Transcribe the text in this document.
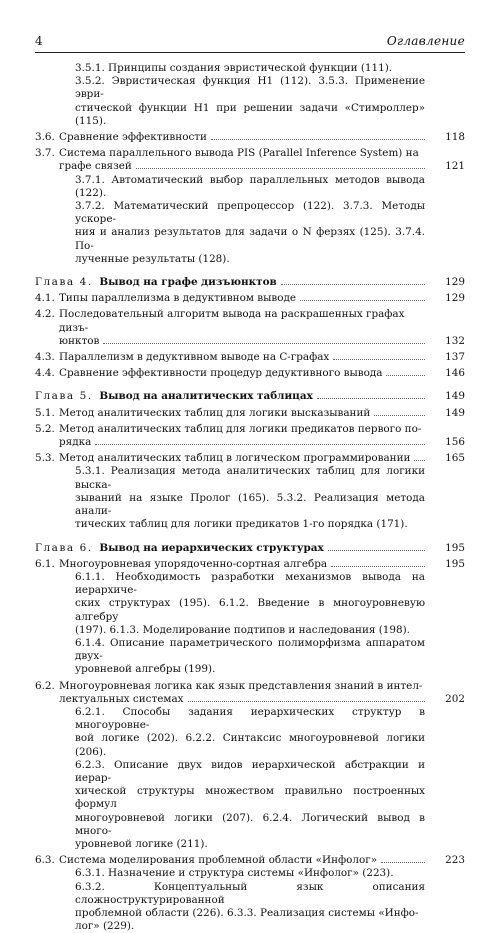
4	Оглавление
3.5.1. Принципы создания эвристической функции (111).
3.5.2. Эвристическая функция H1 (112). 3.5.3. Применение эври-
стической функции H1 при решении задачи «Стимроллер» (115).
3.6. Сравнение эффективности	118
3.7. Система параллельного вывода PIS (Parallel Inference System) на
графе связей	121
3.7.1. Автоматический выбор параллельных методов вывода (122).
3.7.2. Математический препроцессор (122). 3.7.3. Методы ускоре-
ния и анализ результатов для задачи о N ферзях (125). 3.7.4. По-
лученные результаты (128).
Глава 4.
Вывод на графе дизъюнктов	129
4.1. Типы параллелизма в дедуктивном выводе	129
4.2. Последовательный алгоритм вывода на раскрашенных графах дизъ-
юнктов	132
4.3. Параллелизм в дедуктивном выводе на С-графах	137
4.4. Сравнение эффективности процедур дедуктивного вывода	146
Глава 5.
Вывод на аналитических таблицах	149
5.1. Метод аналитических таблиц для логики высказываний	149
5.2. Метод аналитических таблиц для логики предикатов первого по-
рядка	156
5.3. Метод аналитических таблиц в логическом программировании	165
5.3.1. Реализация метода аналитических таблиц для логики выска-
зываний на языке Пролог (165). 5.3.2. Реализация метода анали-
тических таблиц для логики предикатов 1-го порядка (171).
Глава 6.
Вывод на иерархических структурах	195
6.1. Многоуровневая упорядоченно-сортная алгебра	195
6.1.1. Необходимость разработки механизмов вывода на иерархиче-
ских структурах (195). 6.1.2. Введение в многоуровневую алгебру
(197). 6.1.3. Моделирование подтипов и наследования (198).
6.1.4. Описание параметрического полиморфизма аппаратом двух-
уровневой алгебры (199).
6.2. Многоуровневая логика как язык представления знаний в интел-
лектуальных системах	202
6.2.1. Способы задания иерархических структур в многоуровне-
вой логике (202). 6.2.2. Синтаксис многоуровневой логики (206).
6.2.3. Описание двух видов иерархической абстракции и иерар-
хической структуры множеством правильно построенных формул
многоуровневой логики (207). 6.2.4. Логический вывод в много-
уровневой логике (211).
6.3. Система моделирования проблемной области «Инфолог»	223
6.3.1. Назначение и структура системы «Инфолог» (223).
6.3.2. Концептуальный язык описания сложноструктурированной
проблемной области (226). 6.3.3. Реализация системы «Инфо-
лог» (229).
